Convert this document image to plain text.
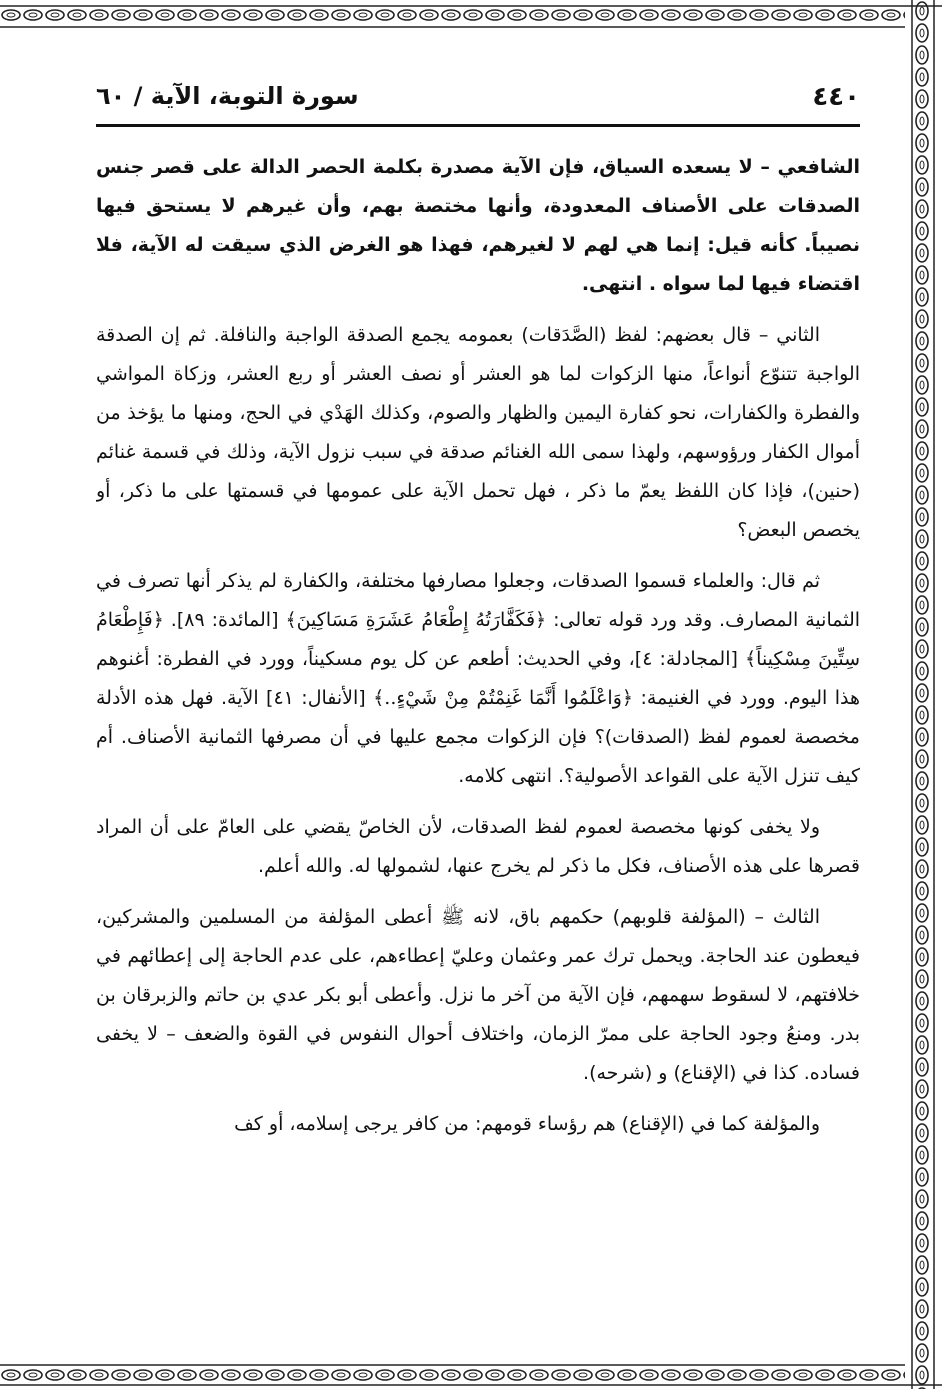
سورة التوبة، الآية / ٦٠	٤٤٠

الشافعي – لا يسعده السياق، فإن الآية مصدرة بكلمة الحصر الدالة على قصر جنس الصدقات على الأصناف المعدودة، وأنها مختصة بهم، وأن غيرهم لا يستحق فيها نصيباً. كأنه قيل: إنما هي لهم لا لغيرهم، فهذا هو الغرض الذي سيقت له الآية، فلا اقتضاء فيها لما سواه . انتهى.

الثاني – قال بعضهم: لفظ (الصَّدَقات) بعمومه يجمع الصدقة الواجبة والنافلة. ثم إن الصدقة الواجبة تتنوّع أنواعاً، منها الزكوات لما هو العشر أو نصف العشر أو ربع العشر، وزكاة المواشي والفطرة والكفارات، نحو كفارة اليمين والظهار والصوم، وكذلك الهَدْي في الحج، ومنها ما يؤخذ من أموال الكفار ورؤوسهم، ولهذا سمى الله الغنائم صدقة في سبب نزول الآية، وذلك في قسمة غنائم (حنين)، فإذا كان اللفظ يعمّ ما ذكر ، فهل تحمل الآية على عمومها في قسمتها على ما ذكر، أو يخصص البعض؟

ثم قال: والعلماء قسموا الصدقات، وجعلوا مصارفها مختلفة، والكفارة لم يذكر أنها تصرف في الثمانية المصارف. وقد ورد قوله تعالى: ﴿فَكَفَّارَتُهُ إِطْعَامُ عَشَرَةِ مَسَاكِينَ﴾ [المائدة: ٨٩]. ﴿فَإِطْعَامُ سِتِّينَ مِسْكِيناً﴾ [المجادلة: ٤]، وفي الحديث: أطعم عن كل يوم مسكيناً، وورد في الفطرة: أغنوهم هذا اليوم. وورد في الغنيمة: ﴿وَاعْلَمُوا أَنَّمَا غَنِمْتُمْ مِنْ شَيْءٍ..﴾ [الأنفال: ٤١] الآية. فهل هذه الأدلة مخصصة لعموم لفظ (الصدقات)؟ فإن الزكوات مجمع عليها في أن مصرفها الثمانية الأصناف. أم كيف تنزل الآية على القواعد الأصولية؟. انتهى كلامه.

ولا يخفى كونها مخصصة لعموم لفظ الصدقات، لأن الخاصّ يقضي على العامّ على أن المراد قصرها على هذه الأصناف، فكل ما ذكر لم يخرج عنها، لشمولها له. والله أعلم.

الثالث – (المؤلفة قلوبهم) حكمهم باق، لانه ﷺ أعطى المؤلفة من المسلمين والمشركين، فيعطون عند الحاجة. ويحمل ترك عمر وعثمان وعليّ إعطاءهم، على عدم الحاجة إلى إعطائهم في خلافتهم، لا لسقوط سهمهم، فإن الآية من آخر ما نزل. وأعطى أبو بكر عدي بن حاتم والزبرقان بن بدر. ومنعُ وجود الحاجة على ممرّ الزمان، واختلاف أحوال النفوس في القوة والضعف – لا يخفى فساده. كذا في (الإقناع) و (شرحه).

والمؤلفة كما في (الإقناع) هم رؤساء قومهم: من كافر يرجى إسلامه، أو كف
